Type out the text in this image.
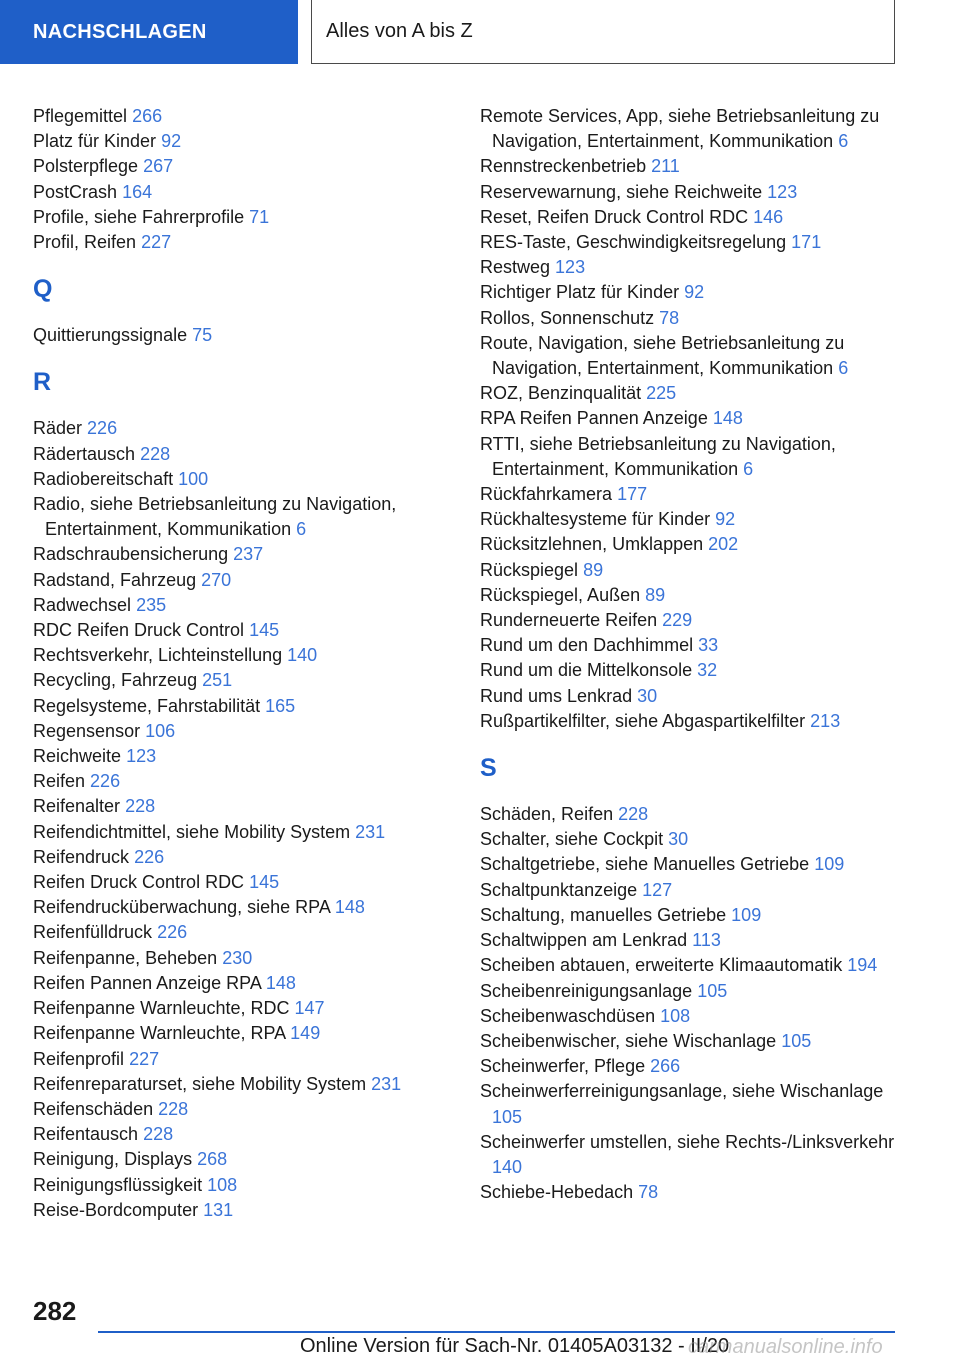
NACHSCHLAGEN	Alles von A bis Z
Pflegemittel 266
Platz für Kinder 92
Polsterpflege 267
PostCrash 164
Profile, siehe Fahrerprofile 71
Profil, Reifen 227
Q
Quittierungssignale 75
R
Räder 226
Rädertausch 228
Radiobereitschaft 100
Radio, siehe Betriebsanleitung zu Navigation, Entertainment, Kommunikation 6
Radschraubensicherung 237
Radstand, Fahrzeug 270
Radwechsel 235
RDC Reifen Druck Control 145
Rechtsverkehr, Lichteinstellung 140
Recycling, Fahrzeug 251
Regelsysteme, Fahrstabilität 165
Regensensor 106
Reichweite 123
Reifen 226
Reifenalter 228
Reifendichtmittel, siehe Mobility System 231
Reifendruck 226
Reifen Druck Control RDC 145
Reifendrucküberwachung, siehe RPA 148
Reifenfülldruck 226
Reifenpanne, Beheben 230
Reifen Pannen Anzeige RPA 148
Reifenpanne Warnleuchte, RDC 147
Reifenpanne Warnleuchte, RPA 149
Reifenprofil 227
Reifenreparaturset, siehe Mobility System 231
Reifenschäden 228
Reifentausch 228
Reinigung, Displays 268
Reinigungsflüssigkeit 108
Reise-Bordcomputer 131
Remote Services, App, siehe Betriebsanleitung zu Navigation, Entertainment, Kommunikation 6
Rennstreckenbetrieb 211
Reservewarnung, siehe Reichweite 123
Reset, Reifen Druck Control RDC 146
RES-Taste, Geschwindigkeitsregelung 171
Restweg 123
Richtiger Platz für Kinder 92
Rollos, Sonnenschutz 78
Route, Navigation, siehe Betriebsanleitung zu Navigation, Entertainment, Kommunikation 6
ROZ, Benzinqualität 225
RPA Reifen Pannen Anzeige 148
RTTI, siehe Betriebsanleitung zu Navigation, Entertainment, Kommunikation 6
Rückfahrkamera 177
Rückhaltesysteme für Kinder 92
Rücksitzlehnen, Umklappen 202
Rückspiegel 89
Rückspiegel, Außen 89
Runderneuerte Reifen 229
Rund um den Dachhimmel 33
Rund um die Mittelkonsole 32
Rund ums Lenkrad 30
Rußpartikelfilter, siehe Abgaspartikelfilter 213
S
Schäden, Reifen 228
Schalter, siehe Cockpit 30
Schaltgetriebe, siehe Manuelles Getriebe 109
Schaltpunktanzeige 127
Schaltung, manuelles Getriebe 109
Schaltwippen am Lenkrad 113
Scheiben abtauen, erweiterte Klimaautomatik 194
Scheibenreinigungsanlage 105
Scheibenwaschdüsen 108
Scheibenwischer, siehe Wischanlage 105
Scheinwerfer, Pflege 266
Scheinwerferreinigungsanlage, siehe Wischanlage 105
Scheinwerfer umstellen, siehe Rechts-/Linksverkehr 140
Schiebe-Hebedach 78
282
Online Version für Sach-Nr. 01405A03132 - II/20
carmanualsonline.info
